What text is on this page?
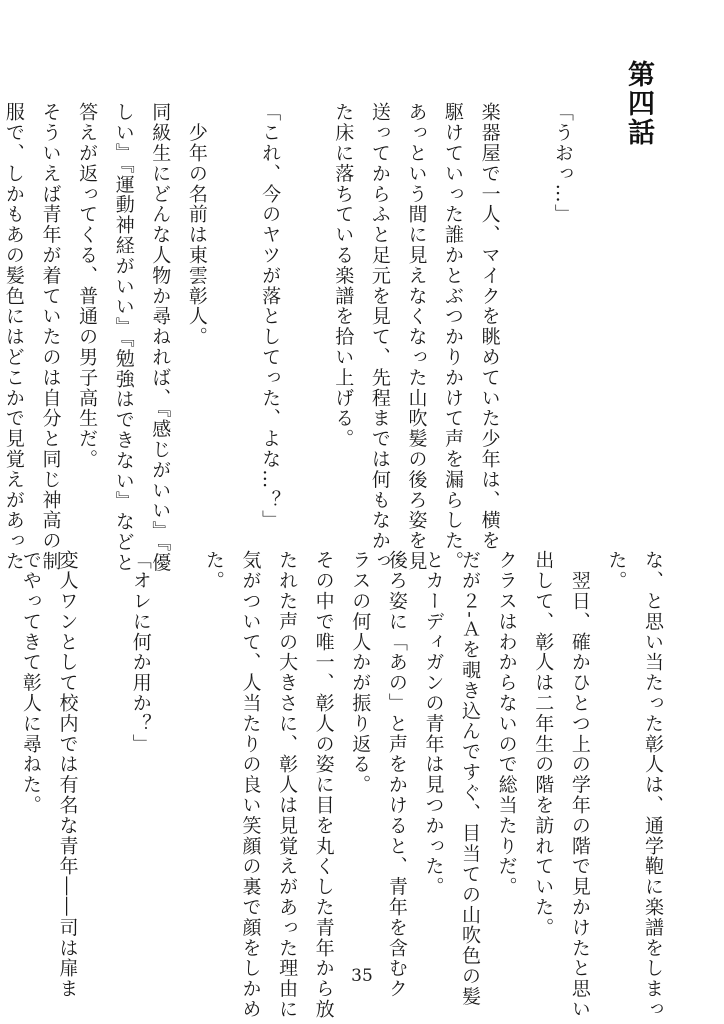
第四話

「うおっ…」

楽器屋で一人、マイクを眺めていた少年は、横を
駆けていった誰かとぶつかりかけて声を漏らした。
あっという間に見えなくなった山吹髪の後ろ姿を見
送ってからふと足元を見て、先程までは何もなかっ
た床に落ちている楽譜を拾い上げる。

「これ、今のヤツが落としてった、よな…？」

　少年の名前は東雲彰人。
同級生にどんな人物か尋ねれば、『感じがいい』『優
しい』『運動神経がいい』『勉強はできない』などと
答えが返ってくる、普通の男子高生だ。
そういえば青年が着ていたのは自分と同じ神高の制
服で、しかもあの髪色にはどこかで見覚えがあった
な、と思い当たった彰人は、通学鞄に楽譜をしまっ
た。
　翌日、確かひとつ上の学年の階で見かけたと思い
出して、彰人は二年生の階を訪れていた。
クラスはわからないので総当たりだ。
だが２‐Ａを覗き込んですぐ、目当ての山吹色の髪
とカーディガンの青年は見つかった。
後ろ姿に「あの」と声をかけると、青年を含むク
ラスの何人かが振り返る。
その中で唯一、彰人の姿に目を丸くした青年から放
たれた声の大きさに、彰人は見覚えがあった理由に
気がついて、人当たりの良い笑顔の裏で顔をしかめ
た。

「オレに何か用か？」

変人ワンとして校内では有名な青年――司は扉ま
でやってきて彰人に尋ねた。
35
